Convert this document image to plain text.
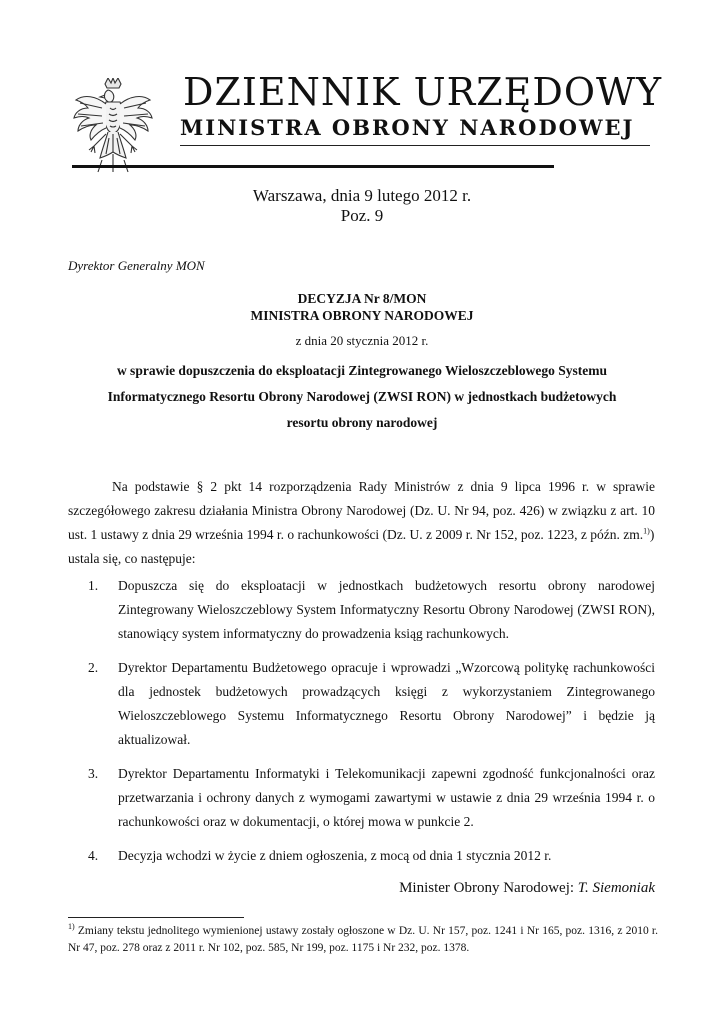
DZIENNIK URZĘDOWY
MINISTRA OBRONY NARODOWEJ
Warszawa, dnia 9 lutego 2012 r.
Poz. 9
Dyrektor Generalny MON
DECYZJA Nr 8/MON
MINISTRA OBRONY NARODOWEJ
z dnia 20 stycznia 2012 r.
w sprawie dopuszczenia do eksploatacji Zintegrowanego Wieloszczeblowego Systemu Informatycznego Resortu Obrony Narodowej (ZWSI RON) w jednostkach budżetowych resortu obrony narodowej
Na podstawie § 2 pkt 14 rozporządzenia Rady Ministrów z dnia 9 lipca 1996 r. w sprawie szczegółowego zakresu działania Ministra Obrony Narodowej (Dz. U. Nr 94, poz. 426) w związku z art. 10 ust. 1 ustawy z dnia 29 września 1994 r. o rachunkowości (Dz. U. z 2009 r. Nr 152, poz. 1223, z późn. zm.$^{1)}$)
ustala się, co następuje:
1. Dopuszcza się do eksploatacji w jednostkach budżetowych resortu obrony narodowej Zintegrowany Wieloszczeblowy System Informatyczny Resortu Obrony Narodowej (ZWSI RON), stanowiący system informatyczny do prowadzenia ksiąg rachunkowych.
2. Dyrektor Departamentu Budżetowego opracuje i wprowadzi „Wzorcową politykę rachunkowości dla jednostek budżetowych prowadzących księgi z wykorzystaniem Zintegrowanego Wieloszczeblowego Systemu Informatycznego Resortu Obrony Narodowej” i będzie ją aktualizował.
3. Dyrektor Departamentu Informatyki i Telekomunikacji zapewni zgodność funkcjonalności oraz przetwarzania i ochrony danych z wymogami zawartymi w ustawie z dnia 29 września 1994 r. o rachunkowości oraz w dokumentacji, o której mowa w punkcie 2.
4. Decyzja wchodzi w życie z dniem ogłoszenia, z mocą od dnia 1 stycznia 2012 r.
Minister Obrony Narodowej: T. Siemoniak
$^{1)}$ Zmiany tekstu jednolitego wymienionej ustawy zostały ogłoszone w Dz. U. Nr 157, poz. 1241 i Nr 165, poz. 1316, z 2010 r. Nr 47, poz. 278 oraz z 2011 r. Nr 102, poz. 585, Nr 199, poz. 1175 i Nr 232, poz. 1378.
